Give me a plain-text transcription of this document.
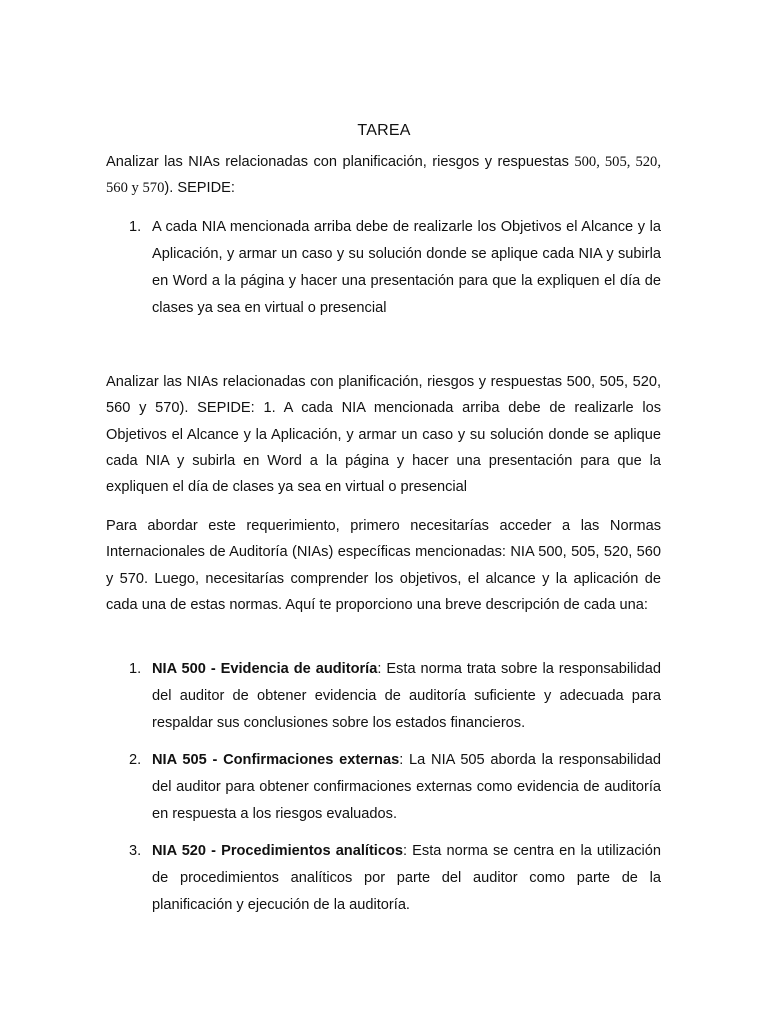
TAREA
Analizar las NIAs relacionadas con planificación, riesgos y respuestas 500, 505, 520, 560 y 570). SEPIDE:
1. A cada NIA mencionada arriba debe de realizarle los Objetivos el Alcance y la Aplicación, y armar un caso y su solución donde se aplique cada NIA y subirla en Word a la página y hacer una presentación para que la expliquen el día de clases ya sea en virtual o presencial
Analizar las NIAs relacionadas con planificación, riesgos y respuestas 500, 505, 520, 560 y 570). SEPIDE: 1. A cada NIA mencionada arriba debe de realizarle los Objetivos el Alcance y la Aplicación, y armar un caso y su solución donde se aplique cada NIA y subirla en Word a la página y hacer una presentación para que la expliquen el día de clases ya sea en virtual o presencial
Para abordar este requerimiento, primero necesitarías acceder a las Normas Internacionales de Auditoría (NIAs) específicas mencionadas: NIA 500, 505, 520, 560 y 570. Luego, necesitarías comprender los objetivos, el alcance y la aplicación de cada una de estas normas. Aquí te proporciono una breve descripción de cada una:
1. NIA 500 - Evidencia de auditoría: Esta norma trata sobre la responsabilidad del auditor de obtener evidencia de auditoría suficiente y adecuada para respaldar sus conclusiones sobre los estados financieros.
2. NIA 505 - Confirmaciones externas: La NIA 505 aborda la responsabilidad del auditor para obtener confirmaciones externas como evidencia de auditoría en respuesta a los riesgos evaluados.
3. NIA 520 - Procedimientos analíticos: Esta norma se centra en la utilización de procedimientos analíticos por parte del auditor como parte de la planificación y ejecución de la auditoría.
